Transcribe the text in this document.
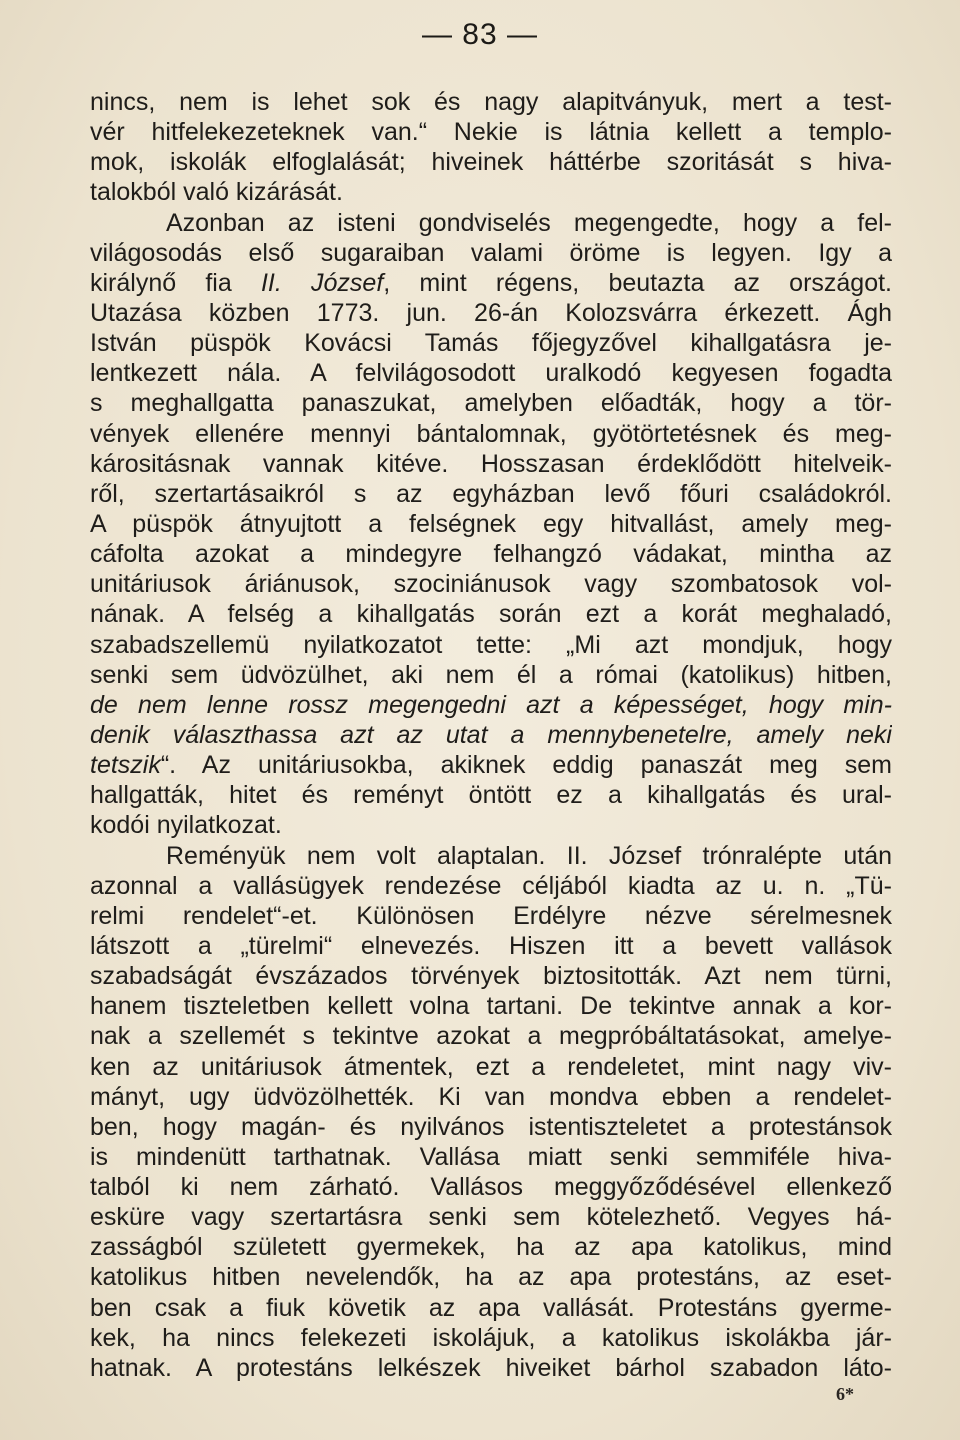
— 83 —
nincs, nem is lehet sok és nagy alapitványuk, mert a test-
vér hitfelekezeteknek van.“ Nekie is látnia kellett a templo-
mok, iskolák elfoglalását; hiveinek háttérbe szoritását s hiva-
talokból való kizárását.
Azonban az isteni gondviselés megengedte, hogy a fel-
világosodás első sugaraiban valami öröme is legyen. Igy a
királynő fia II. József, mint régens, beutazta az országot.
Utazása közben 1773. jun. 26-án Kolozsvárra érkezett. Ágh
István püspök Kovácsi Tamás főjegyzővel kihallgatásra je-
lentkezett nála. A felvilágosodott uralkodó kegyesen fogadta
s meghallgatta panaszukat, amelyben előadták, hogy a tör-
vények ellenére mennyi bántalomnak, gyötörtetésnek és meg-
kárositásnak vannak kitéve. Hosszasan érdeklődött hitelveik-
ről, szertartásaikról s az egyházban levő főuri családokról.
A püspök átnyujtott a felségnek egy hitvallást, amely meg-
cáfolta azokat a mindegyre felhangzó vádakat, mintha az
unitáriusok áriánusok, szociniánusok vagy szombatosok vol-
nának. A felség a kihallgatás során ezt a korát meghaladó,
szabadszellemü nyilatkozatot tette: „Mi azt mondjuk, hogy
senki sem üdvözülhet, aki nem él a római (katolikus) hitben,
de nem lenne rossz megengedni azt a képességet, hogy min-
denik választhassa azt az utat a mennybenetelre, amely neki
tetszik“. Az unitáriusokba, akiknek eddig panaszát meg sem
hallgatták, hitet és reményt öntött ez a kihallgatás és ural-
kodói nyilatkozat.
Reményük nem volt alaptalan. II. József trónralépte után
azonnal a vallásügyek rendezése céljából kiadta az u. n. „Tü-
relmi rendelet“-et. Különösen Erdélyre nézve sérelmesnek
látszott a „türelmi“ elnevezés. Hiszen itt a bevett vallások
szabadságát évszázados törvények biztositották. Azt nem türni,
hanem tiszteletben kellett volna tartani. De tekintve annak a kor-
nak a szellemét s tekintve azokat a megpróbáltatásokat, amelye-
ken az unitáriusok átmentek, ezt a rendeletet, mint nagy viv-
mányt, ugy üdvözölhették. Ki van mondva ebben a rendelet-
ben, hogy magán- és nyilvános istentiszteletet a protestánsok
is mindenütt tarthatnak. Vallása miatt senki semmiféle hiva-
talból ki nem zárható. Vallásos meggyőződésével ellenkező
esküre vagy szertartásra senki sem kötelezhető. Vegyes há-
zasságból született gyermekek, ha az apa katolikus, mind
katolikus hitben nevelendők, ha az apa protestáns, az eset-
ben csak a fiuk követik az apa vallását. Protestáns gyerme-
kek, ha nincs felekezeti iskolájuk, a katolikus iskolákba jár-
hatnak. A protestáns lelkészek hiveiket bárhol szabadon láto-
6*
